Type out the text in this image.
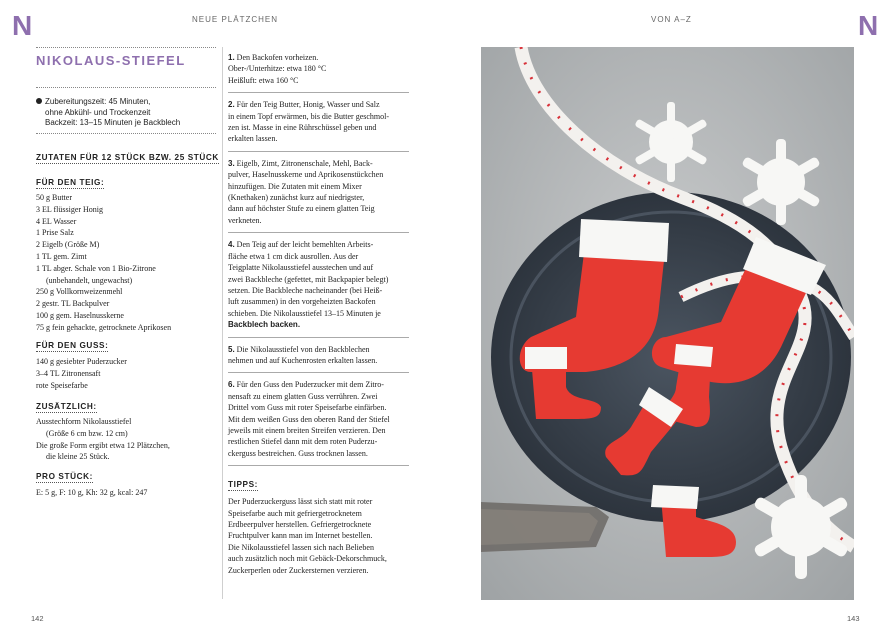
N	NEUE PLÄTZCHEN	VON A–Z	N
NIKOLAUS-STIEFEL
Zubereitungszeit: 45 Minuten,
ohne Abkühl- und Trockenzeit
Backzeit: 13–15 Minuten je Backblech
ZUTATEN FÜR 12 STÜCK BZW. 25 STÜCK
FÜR DEN TEIG:
50 g Butter
3 EL flüssiger Honig
4 EL Wasser
1 Prise Salz
2 Eigelb (Größe M)
1 TL gem. Zimt
1 TL abger. Schale von 1 Bio-Zitrone
(unbehandelt, ungewachst)
250 g Vollkornweizenmehl
2 gestr. TL Backpulver
100 g gem. Haselnusskerne
75 g fein gehackte, getrocknete Aprikosen
FÜR DEN GUSS:
140 g gesiebter Puderzucker
3–4 TL Zitronensaft
rote Speisefarbe
ZUSÄTZLICH:
Ausstechform Nikolausstiefel
(Größe 6 cm bzw. 12 cm)
Die große Form ergibt etwa 12 Plätzchen,
die kleine 25 Stück.
PRO STÜCK:
E: 5 g, F: 10 g, Kh: 32 g, kcal: 247
1. Den Backofen vorheizen.
Ober-/Unterhitze: etwa 180 °C
Heißluft: etwa 160 °C
2. Für den Teig Butter, Honig, Wasser und Salz
in einem Topf erwärmen, bis die Butter geschmol-
zen ist. Masse in eine Rührschüssel geben und
erkalten lassen.
3. Eigelb, Zimt, Zitronenschale, Mehl, Back-
pulver, Haselnusskerne und Aprikosenstückchen
hinzufügen. Die Zutaten mit einem Mixer
(Knethaken) zunächst kurz auf niedrigster,
dann auf höchster Stufe zu einem glatten Teig
verkneten.
4. Den Teig auf der leicht bemehlten Arbeits-
fläche etwa 1 cm dick ausrollen. Aus der
Teigplatte Nikolausstiefel ausstechen und auf
zwei Backbleche (gefettet, mit Backpapier belegt)
setzen. Die Backbleche nacheinander (bei Heiß-
luft zusammen) in den vorgeheizten Backofen
schieben. Die Nikolausstiefel 13–15 Minuten je
Backblech backen.
5. Die Nikolausstiefel von den Backblechen
nehmen und auf Kuchenrosten erkalten lassen.
6. Für den Guss den Puderzucker mit dem Zitro-
nensaft zu einem glatten Guss verrühren. Zwei
Drittel vom Guss mit roter Speisefarbe einfärben.
Mit dem weißen Guss den oberen Rand der Stiefel
jeweils mit einem breiten Streifen verzieren. Den
restlichen Stiefel dann mit dem roten Puderzu-
ckerguss bestreichen. Guss trocknen lassen.
TIPPS:
Der Puderzuckerguss lässt sich statt mit roter
Speisefarbe auch mit gefriergetrocknetem
Erdbeerpulver herstellen. Gefriergetrocknete
Fruchtpulver kann man im Internet bestellen.
Die Nikolausstiefel lassen sich nach Belieben
auch zusätzlich noch mit Gebäck-Dekorschmuck,
Zuckerperlen oder Zuckersternen verzieren.
142	143
